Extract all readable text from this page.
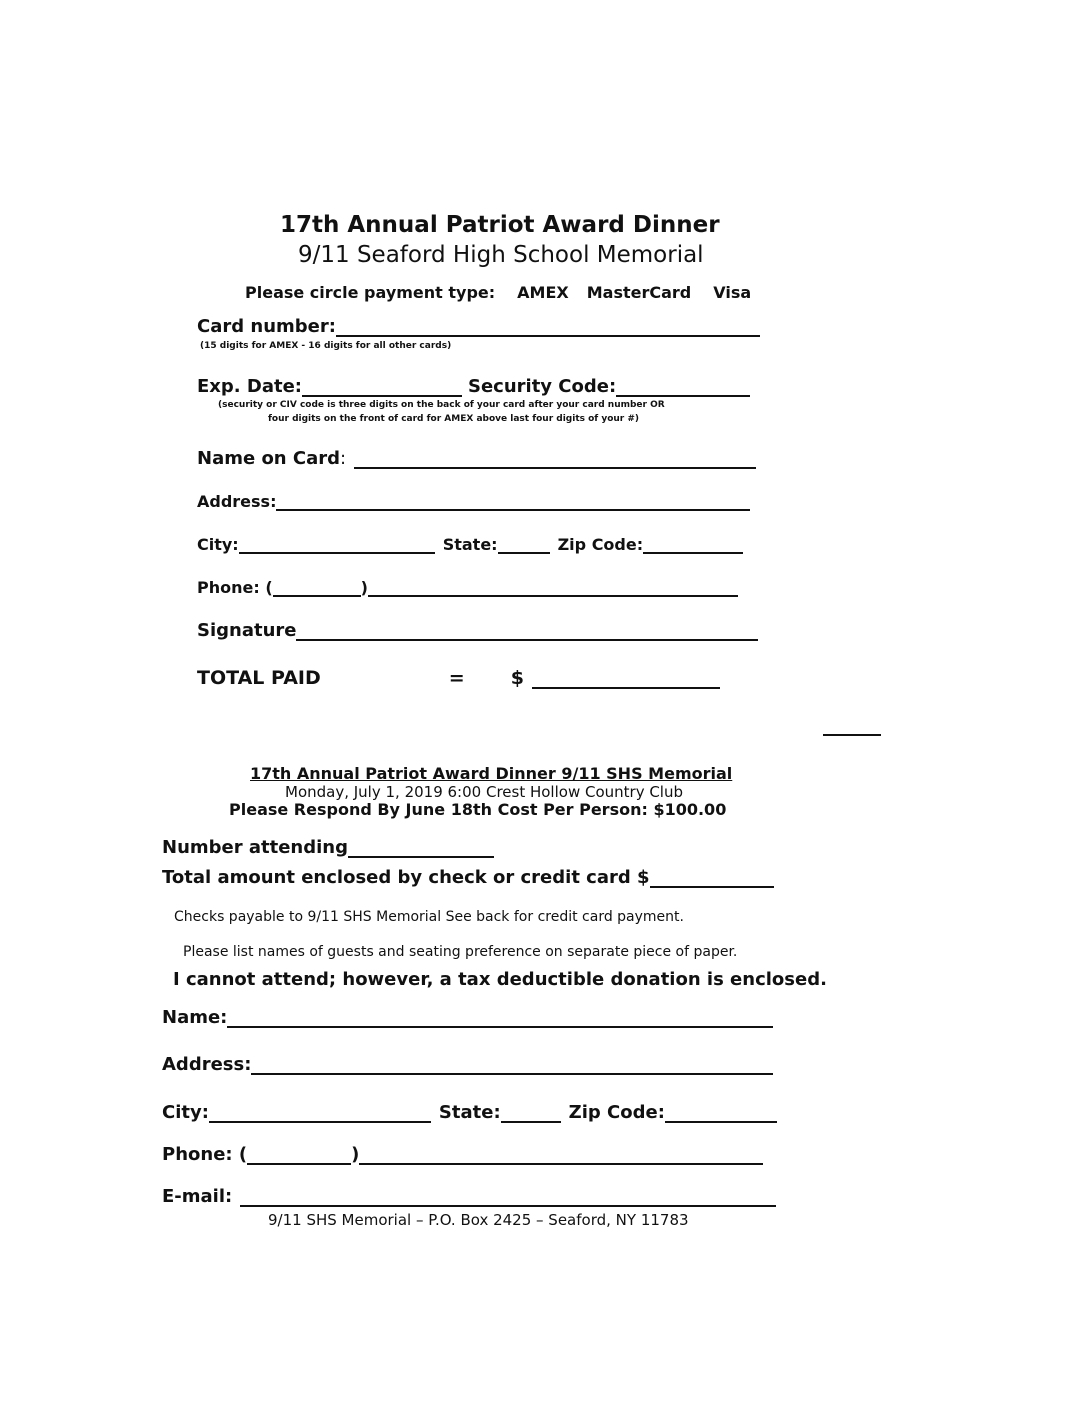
17th Annual Patriot Award Dinner
9/11 Seaford High School Memorial
Please circle payment type: AMEX MasterCard Visa
Card number:
(15 digits for AMEX - 16 digits for all other cards)
Exp. Date:	Security Code:
(security or CIV code is three digits on the back of your card after your card number OR
four digits on the front of card for AMEX above last four digits of your #)
Name on Card :
Address:
City:	State:	Zip Code:
Phone: (	)
Signature
TOTAL PAID	= $
17th Annual Patriot Award Dinner 9/11 SHS Memorial
Monday, July 1, 2019 6:00 Crest Hollow Country Club
Please Respond By June 18th Cost Per Person: $100.00
Number attending
Total amount enclosed by check or credit card $
Checks payable to 9/11 SHS Memorial See back for credit card payment.
Please list names of guests and seating preference on separate piece of paper.
I cannot attend; however, a tax deductible donation is enclosed.
Name:
Address:
City:	State:	Zip Code:
Phone: (	)
E-mail:
9/11 SHS Memorial – P.O. Box 2425 – Seaford, NY 11783
